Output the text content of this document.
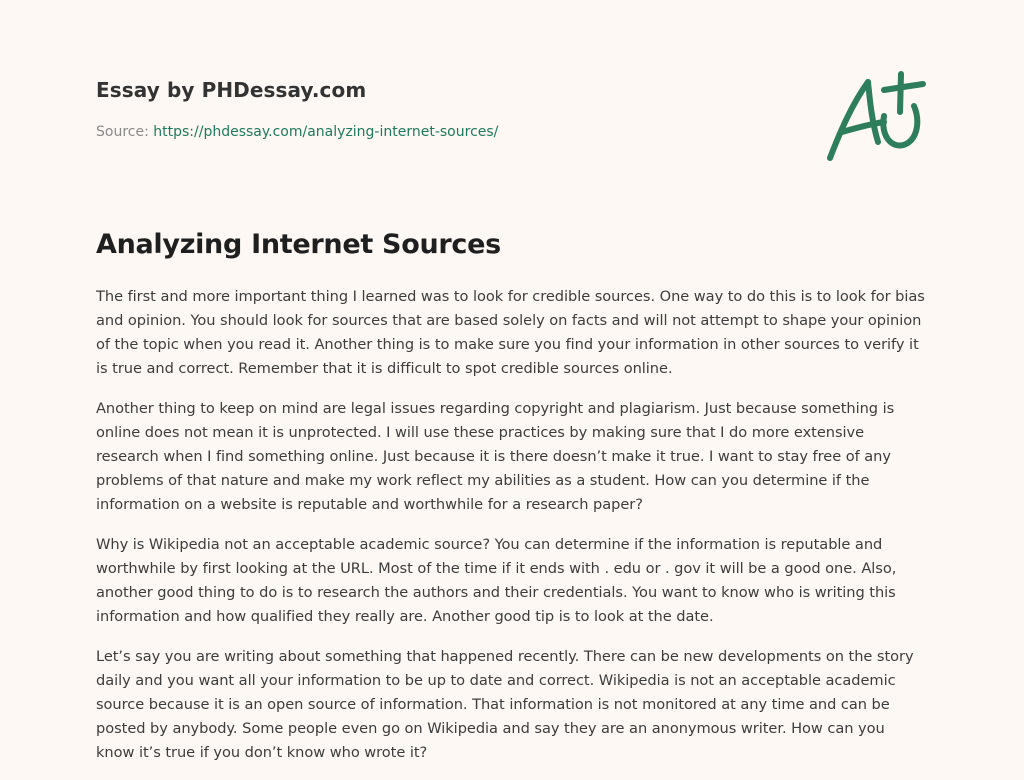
Essay by PHDessay.com
Source: https://phdessay.com/analyzing-internet-sources/
Analyzing Internet Sources

The first and more important thing I learned was to look for credible sources. One way to do this is to look for bias and opinion. You should look for sources that are based solely on facts and will not attempt to shape your opinion of the topic when you read it. Another thing is to make sure you find your information in other sources to verify it is true and correct. Remember that it is difficult to spot credible sources online.

Another thing to keep on mind are legal issues regarding copyright and plagiarism. Just because something is online does not mean it is unprotected. I will use these practices by making sure that I do more extensive research when I find something online. Just because it is there doesn’t make it true. I want to stay free of any problems of that nature and make my work reflect my abilities as a student. How can you determine if the information on a website is reputable and worthwhile for a research paper?

Why is Wikipedia not an acceptable academic source? You can determine if the information is reputable and worthwhile by first looking at the URL. Most of the time if it ends with . edu or . gov it will be a good one. Also, another good thing to do is to research the authors and their credentials. You want to know who is writing this information and how qualified they really are. Another good tip is to look at the date.

Let’s say you are writing about something that happened recently. There can be new developments on the story daily and you want all your information to be up to date and correct. Wikipedia is not an acceptable academic source because it is an open source of information. That information is not monitored at any time and can be posted by anybody. Some people even go on Wikipedia and say they are an anonymous writer. How can you know it’s true if you don’t know who wrote it?
